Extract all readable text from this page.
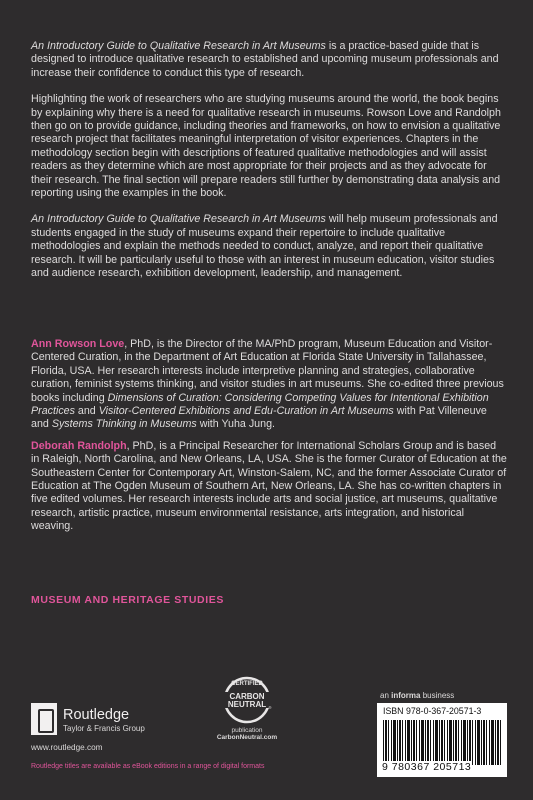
An Introductory Guide to Qualitative Research in Art Museums is a practice-based guide that is designed to introduce qualitative research to established and upcoming museum professionals and increase their confidence to conduct this type of research.

Highlighting the work of researchers who are studying museums around the world, the book begins by explaining why there is a need for qualitative research in museums. Rowson Love and Randolph then go on to provide guidance, including theories and frameworks, on how to envision a qualitative research project that facilitates meaningful interpretation of visitor experiences. Chapters in the methodology section begin with descriptions of featured qualitative methodologies and will assist readers as they determine which are most appropriate for their projects and as they advocate for their research. The final section will prepare readers still further by demonstrating data analysis and reporting using the examples in the book.

An Introductory Guide to Qualitative Research in Art Museums will help museum professionals and students engaged in the study of museums expand their repertoire to include qualitative methodologies and explain the methods needed to conduct, analyze, and report their qualitative research. It will be particularly useful to those with an interest in museum education, visitor studies and audience research, exhibition development, leadership, and management.

Ann Rowson Love, PhD, is the Director of the MA/PhD program, Museum Education and Visitor-Centered Curation, in the Department of Art Education at Florida State University in Tallahassee, Florida, USA. Her research interests include interpretive planning and strategies, collaborative curation, feminist systems thinking, and visitor studies in art museums. She co-edited three previous books including Dimensions of Curation: Considering Competing Values for Intentional Exhibition Practices and Visitor-Centered Exhibitions and Edu-Curation in Art Museums with Pat Villeneuve and Systems Thinking in Museums with Yuha Jung.

Deborah Randolph, PhD, is a Principal Researcher for International Scholars Group and is based in Raleigh, North Carolina, and New Orleans, LA, USA. She is the former Curator of Education at the Southeastern Center for Contemporary Art, Winston-Salem, NC, and the former Associate Curator of Education at The Ogden Museum of Southern Art, New Orleans, LA. She has co-written chapters in five edited volumes. Her research interests include arts and social justice, art museums, qualitative research, artistic practice, museum environmental resistance, arts integration, and historical weaving.

MUSEUM AND HERITAGE STUDIES
Routledge
Taylor & Francis Group
www.routledge.com
CERTIFIED
CARBON
NEUTRAL ®
publication
CarbonNeutral.com
an informa business
ISBN 978-0-367-20571-3
9 780367 205713
Routledge titles are available as eBook editions in a range of digital formats
